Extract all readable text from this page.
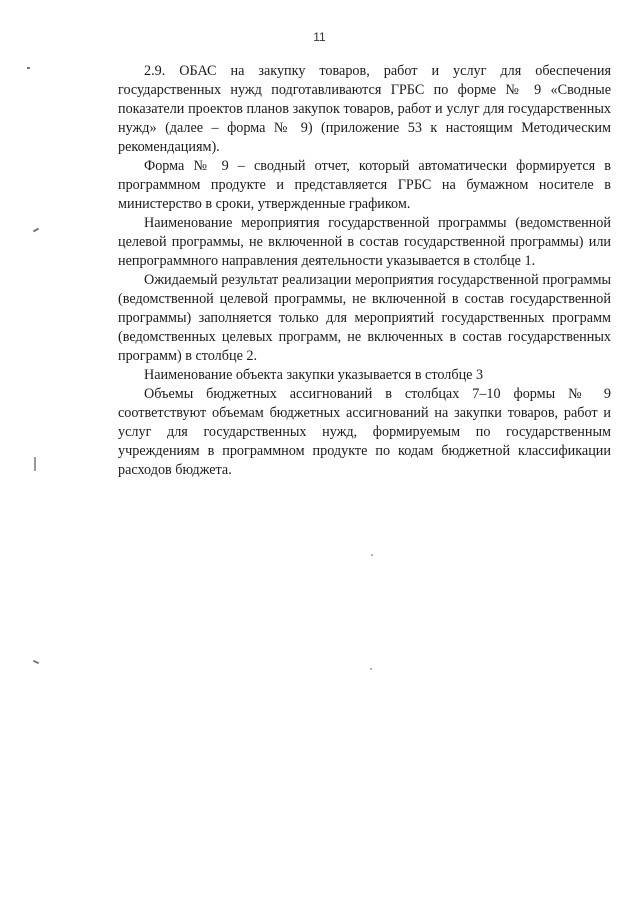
11

2.9. ОБАС на закупку товаров, работ и услуг для обеспечения государственных нужд подготавливаются ГРБС по форме № 9 «Сводные показатели проектов планов закупок товаров, работ и услуг для государственных нужд» (далее – форма № 9) (приложение 53 к настоящим Методическим рекомендациям).

Форма № 9 – сводный отчет, который автоматически формируется в программном продукте и представляется ГРБС на бумажном носителе в министерство в сроки, утвержденные графиком.

Наименование мероприятия государственной программы (ведомственной целевой программы, не включенной в состав государственной программы) или непрограммного направления деятельности указывается в столбце 1.

Ожидаемый результат реализации мероприятия государственной программы (ведомственной целевой программы, не включенной в состав государственной программы) заполняется только для мероприятий государственных программ (ведомственных целевых программ, не включенных в состав государственных программ) в столбце 2.

Наименование объекта закупки указывается в столбце 3

Объемы бюджетных ассигнований в столбцах 7–10 формы № 9 соответствуют объемам бюджетных ассигнований на закупки товаров, работ и услуг для государственных нужд, формируемым по государственным учреждениям в программном продукте по кодам бюджетной классификации расходов бюджета.
